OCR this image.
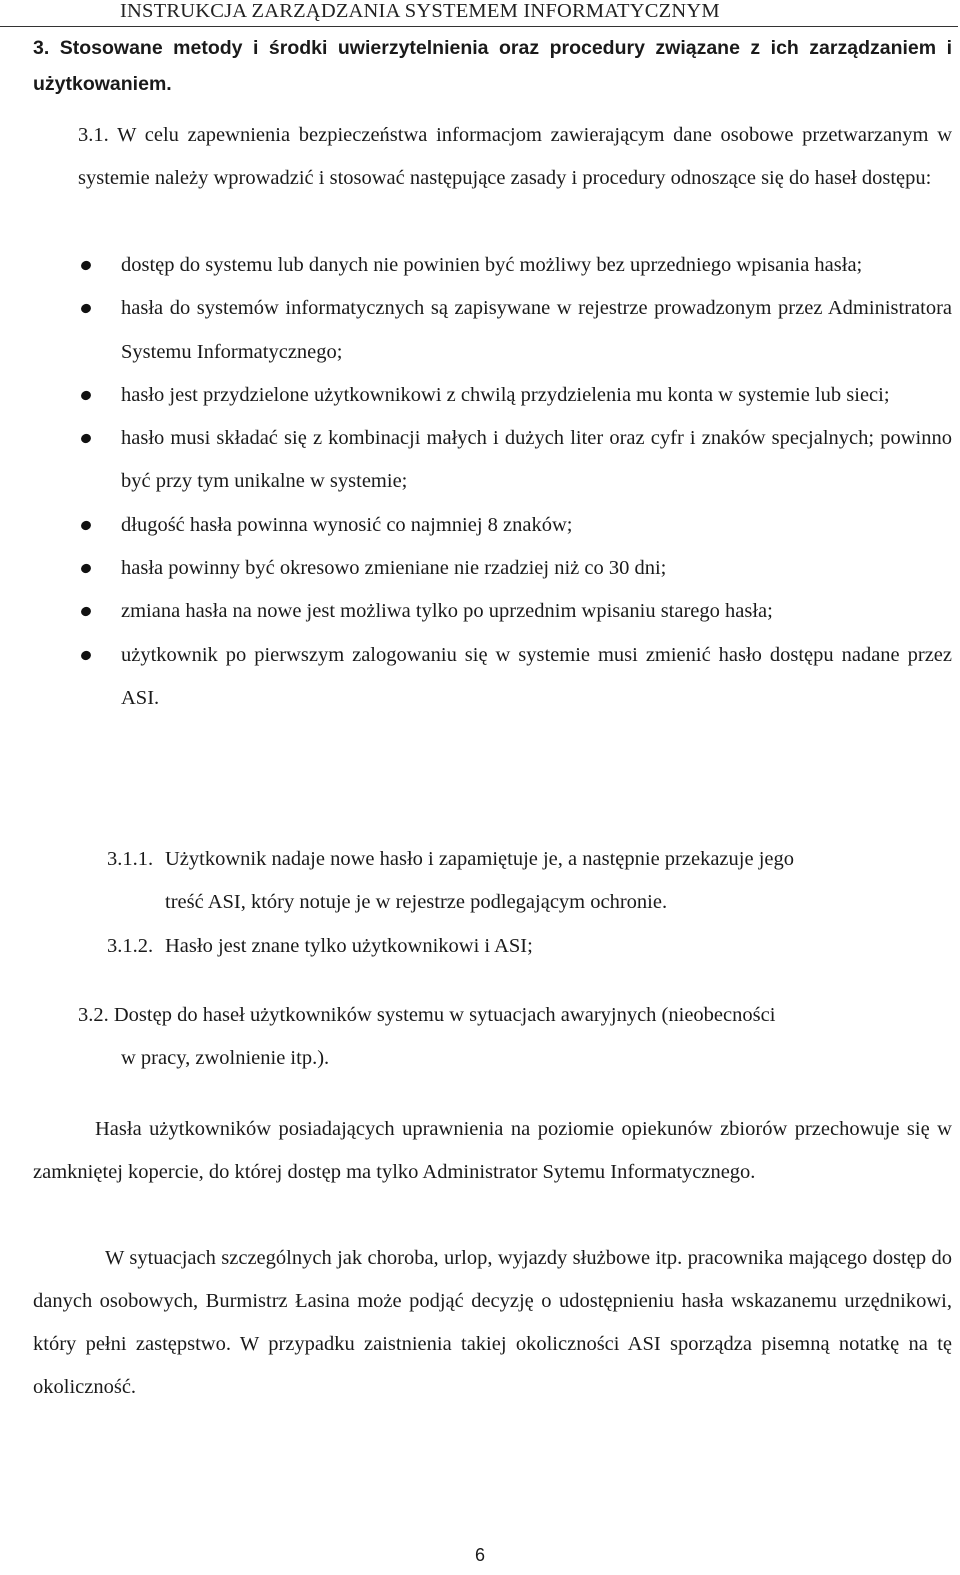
INSTRUKCJA ZARZĄDZANIA SYSTEMEM INFORMATYCZNYM
3. Stosowane metody i środki uwierzytelnienia oraz procedury związane z ich zarządzaniem i użytkowaniem.
3.1. W celu zapewnienia bezpieczeństwa informacjom zawierającym dane osobowe przetwarzanym w systemie należy wprowadzić i stosować następujące zasady i procedury odnoszące się do haseł dostępu:
dostęp do systemu lub danych nie powinien być możliwy bez uprzedniego wpisania hasła;
hasła do systemów informatycznych są zapisywane w rejestrze prowadzonym przez Administratora Systemu Informatycznego;
hasło jest przydzielone użytkownikowi z chwilą przydzielenia mu konta w systemie lub sieci;
hasło musi składać się z kombinacji małych i dużych liter oraz cyfr i znaków specjalnych; powinno być przy tym unikalne w systemie;
długość hasła powinna wynosić co najmniej 8 znaków;
hasła powinny być okresowo zmieniane nie rzadziej niż co 30 dni;
zmiana hasła na nowe jest możliwa tylko po uprzednim wpisaniu starego hasła;
użytkownik po pierwszym zalogowaniu się w systemie musi zmienić hasło dostępu nadane przez ASI.
3.1.1. Użytkownik nadaje nowe hasło i zapamiętuje je, a następnie przekazuje jego
treść ASI, który notuje je w rejestrze podlegającym ochronie.
3.1.2. Hasło jest znane tylko użytkownikowi i ASI;
3.2. Dostęp do haseł użytkowników systemu w sytuacjach awaryjnych (nieobecności
w pracy, zwolnienie itp.).
Hasła użytkowników posiadających uprawnienia na poziomie opiekunów zbiorów przechowuje się w zamkniętej kopercie, do której dostęp ma tylko Administrator Sytemu Informatycznego.
W sytuacjach szczególnych jak choroba, urlop, wyjazdy służbowe itp. pracownika mającego dostęp do danych osobowych, Burmistrz Łasina może podjąć decyzję o udostępnieniu hasła wskazanemu urzędnikowi, który pełni zastępstwo. W przypadku zaistnienia takiej okoliczności ASI sporządza pisemną notatkę na tę okoliczność.
6
